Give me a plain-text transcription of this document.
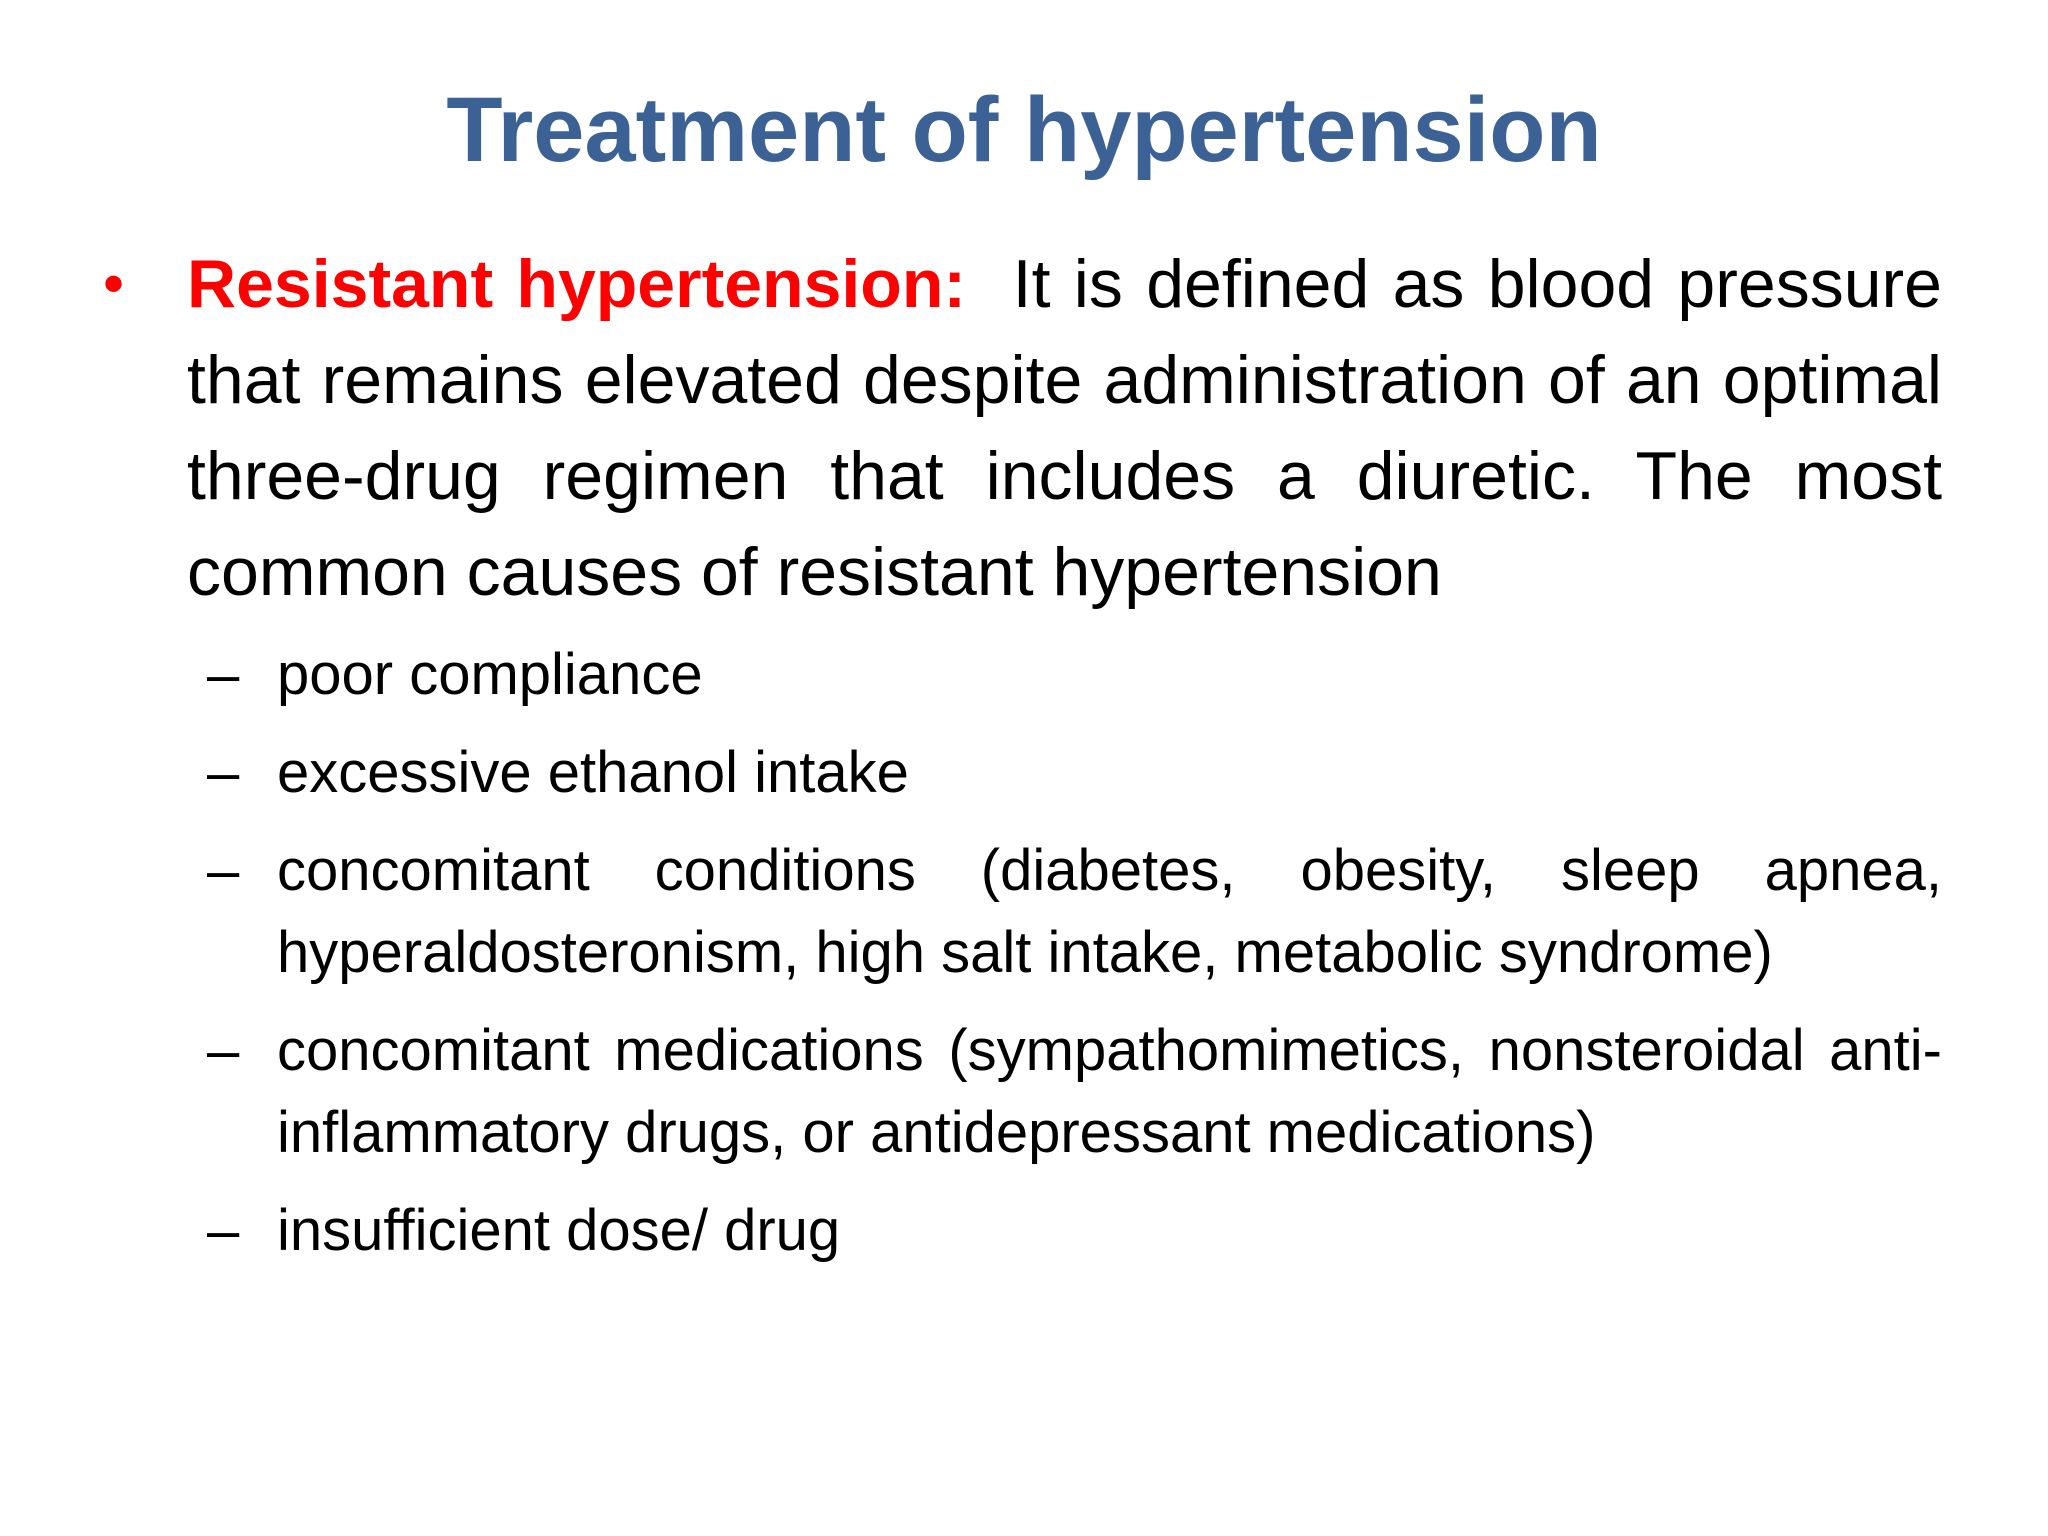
Treatment of hypertension
• Resistant hypertension: It is defined as blood pressure that remains elevated despite administration of an optimal three-drug regimen that includes a diuretic. The most common causes of resistant hypertension
– poor compliance
– excessive ethanol intake
– concomitant conditions (diabetes, obesity, sleep apnea, hyperaldosteronism, high salt intake, metabolic syndrome)
– concomitant medications (sympathomimetics, nonsteroidal anti-inflammatory drugs, or antidepressant medications)
– insufficient dose/ drug
